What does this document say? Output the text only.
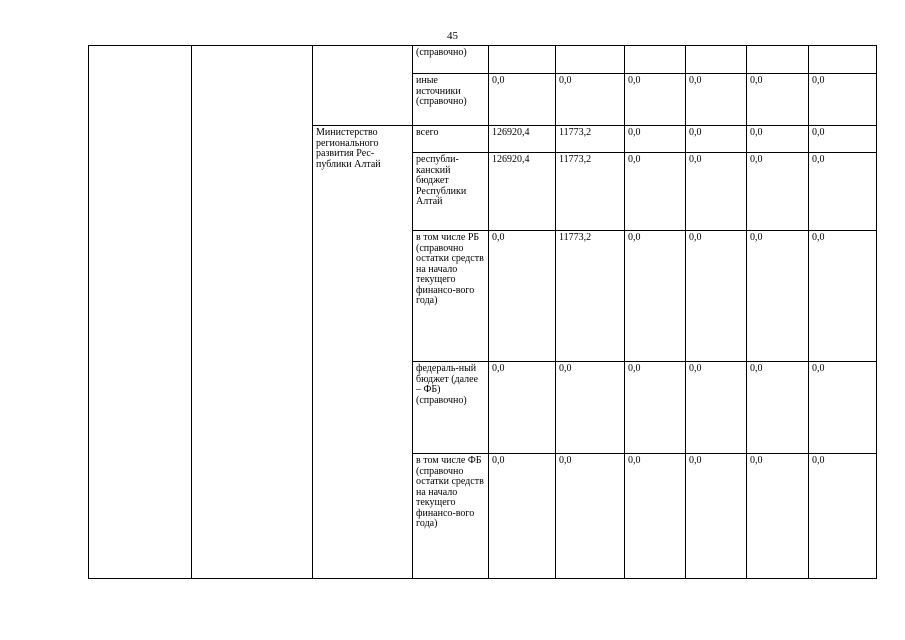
45
			(справочно)						
			иные источники (справочно)	0,0	0,0	0,0	0,0	0,0	0,0
		Министерство регионального развития Рес-публики Алтай	всего	126920,4	11773,2	0,0	0,0	0,0	0,0
			республи-канский бюджет Республики Алтай	126920,4	11773,2	0,0	0,0	0,0	0,0
			в том числе РБ (справочно остатки средств на начало текущего финансо-вого года)	0,0	11773,2	0,0	0,0	0,0	0,0
			федераль-ный бюджет (далее – ФБ) (справочно)	0,0	0,0	0,0	0,0	0,0	0,0
			в том числе ФБ (справочно остатки средств на начало текущего финансо-вого года)	0,0	0,0	0,0	0,0	0,0	0,0
